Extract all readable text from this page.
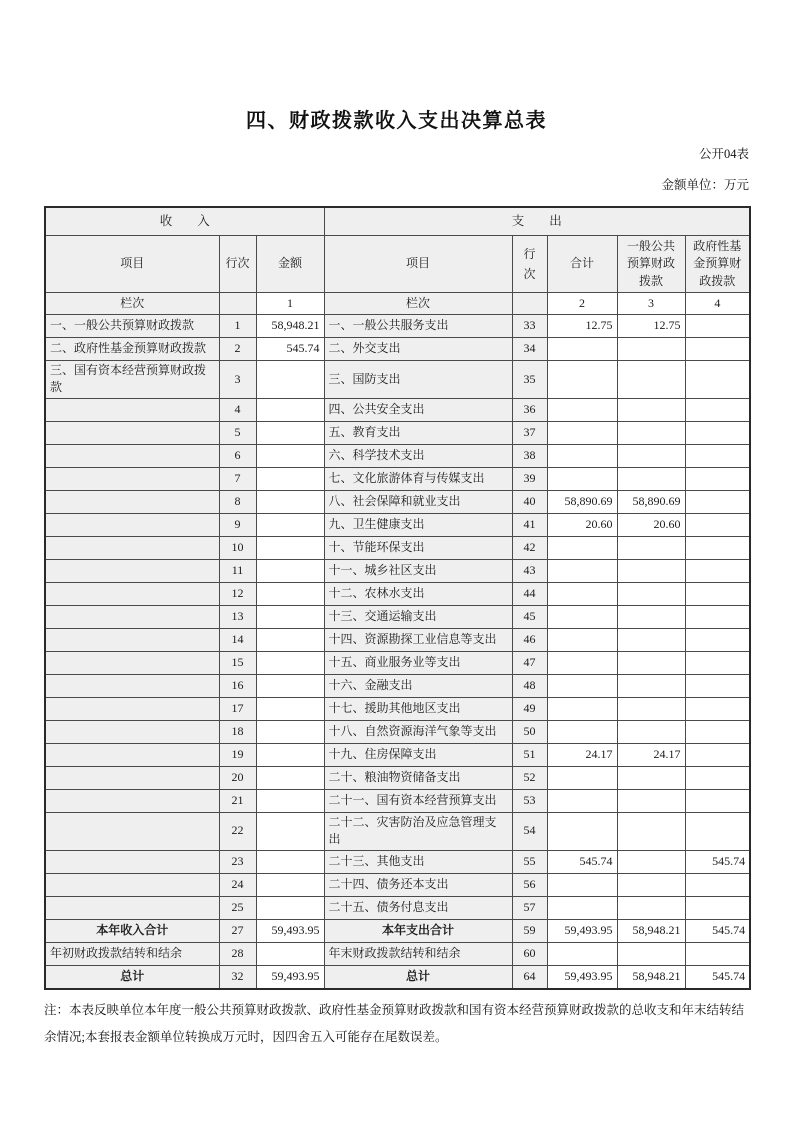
四、财政拨款收入支出决算总表
公开04表
金额单位：万元
收　　入			支　　出				
项目	行次	金额	项目	行次	合计	一般公共预算财政拨款	政府性基金预算财政拨款
栏次		1	栏次		2	3	4
一、一般公共预算财政拨款	1	58,948.21	一、一般公共服务支出	33	12.75	12.75	
二、政府性基金预算财政拨款	2	545.74	二、外交支出	34			
三、国有资本经营预算财政拨款	3		三、国防支出	35			
	4		四、公共安全支出	36			
	5		五、教育支出	37			
	6		六、科学技术支出	38			
	7		七、文化旅游体育与传媒支出	39			
	8		八、社会保障和就业支出	40	58,890.69	58,890.69	
	9		九、卫生健康支出	41	20.60	20.60	
	10		十、节能环保支出	42			
	11		十一、城乡社区支出	43			
	12		十二、农林水支出	44			
	13		十三、交通运输支出	45			
	14		十四、资源勘探工业信息等支出	46			
	15		十五、商业服务业等支出	47			
	16		十六、金融支出	48			
	17		十七、援助其他地区支出	49			
	18		十八、自然资源海洋气象等支出	50			
	19		十九、住房保障支出	51	24.17	24.17	
	20		二十、粮油物资储备支出	52			
	21		二十一、国有资本经营预算支出	53			
	22		二十二、灾害防治及应急管理支出	54			
	23		二十三、其他支出	55	545.74		545.74
	24		二十四、债务还本支出	56			
	25		二十五、债务付息支出	57			
本年收入合计	27	59,493.95	本年支出合计	59	59,493.95	58,948.21	545.74
年初财政拨款结转和结余	28		年末财政拨款结转和结余	60			
总计	32	59,493.95	总计	64	59,493.95	58,948.21	545.74

注：本表反映单位本年度一般公共预算财政拨款、政府性基金预算财政拨款和国有资本经营预算财政拨款的总收支和年末结转结余情况;本套报表金额单位转换成万元时，因四舍五入可能存在尾数误差。
